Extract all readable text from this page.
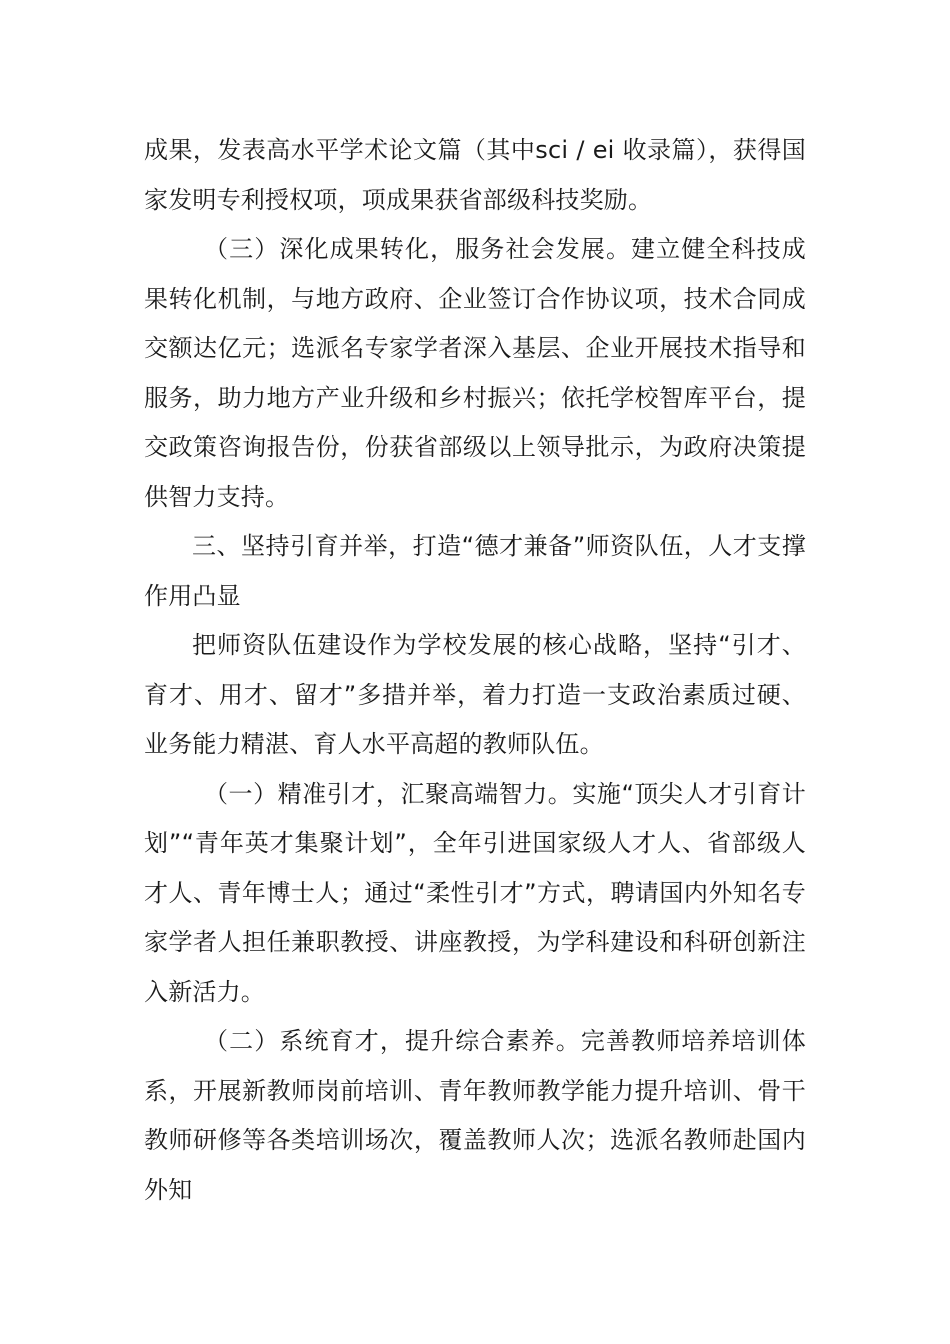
成果，发表高水平学术论文篇（其中sci / ei 收录篇），获得国家发明专利授权项，项成果获省部级科技奖励。

（三）深化成果转化，服务社会发展。建立健全科技成果转化机制，与地方政府、企业签订合作协议项，技术合同成交额达亿元；选派名专家学者深入基层、企业开展技术指导和服务，助力地方产业升级和乡村振兴；依托学校智库平台，提交政策咨询报告份，份获省部级以上领导批示，为政府决策提供智力支持。

三、坚持引育并举，打造“德才兼备”师资队伍，人才支撑作用凸显

把师资队伍建设作为学校发展的核心战略，坚持“引才、育才、用才、留才”多措并举，着力打造一支政治素质过硬、业务能力精湛、育人水平高超的教师队伍。

（一）精准引才，汇聚高端智力。实施“顶尖人才引育计划”“青年英才集聚计划”，全年引进国家级人才人、省部级人才人、青年博士人；通过“柔性引才”方式，聘请国内外知名专家学者人担任兼职教授、讲座教授，为学科建设和科研创新注入新活力。

（二）系统育才，提升综合素养。完善教师培养培训体系，开展新教师岗前培训、青年教师教学能力提升培训、骨干教师研修等各类培训场次，覆盖教师人次；选派名教师赴国内外知
